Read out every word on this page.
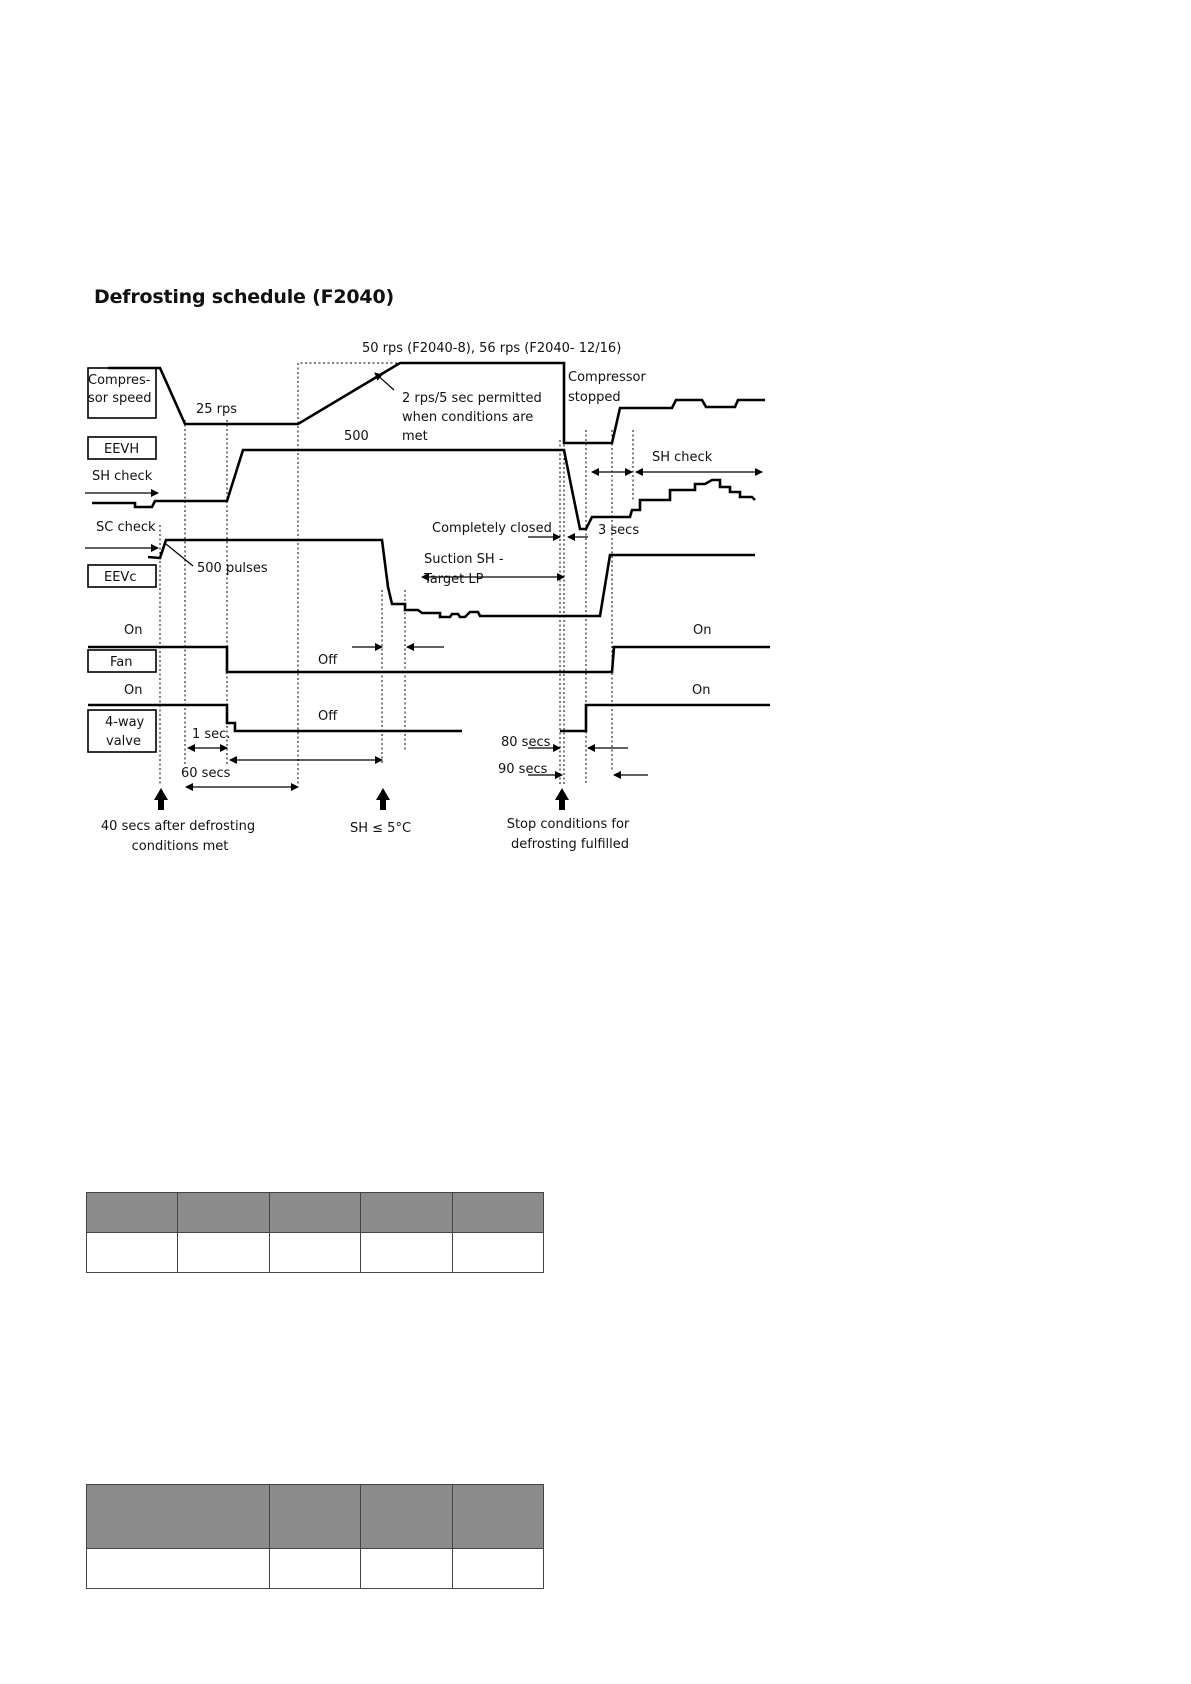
Defrosting schedule (F2040)
Compres-sor speed
EEVH
SH check
SC check
EEVc
Fan
4-way valve
50 rps (F2040-8), 56 rps (F2040- 12/16)
25 rps
2 rps/5 sec permitted when conditions are met
500
Compressor stopped
SH check
Completely closed	3 secs
500 pulses
Suction SH -Target LP
On	On
Off
On	On
Off
1 sec.
60 secs
80 secs
90 secs
40 secs after defrosting conditions met
SH ≤ 5°C	Stop conditions for defrosting fulfilled
